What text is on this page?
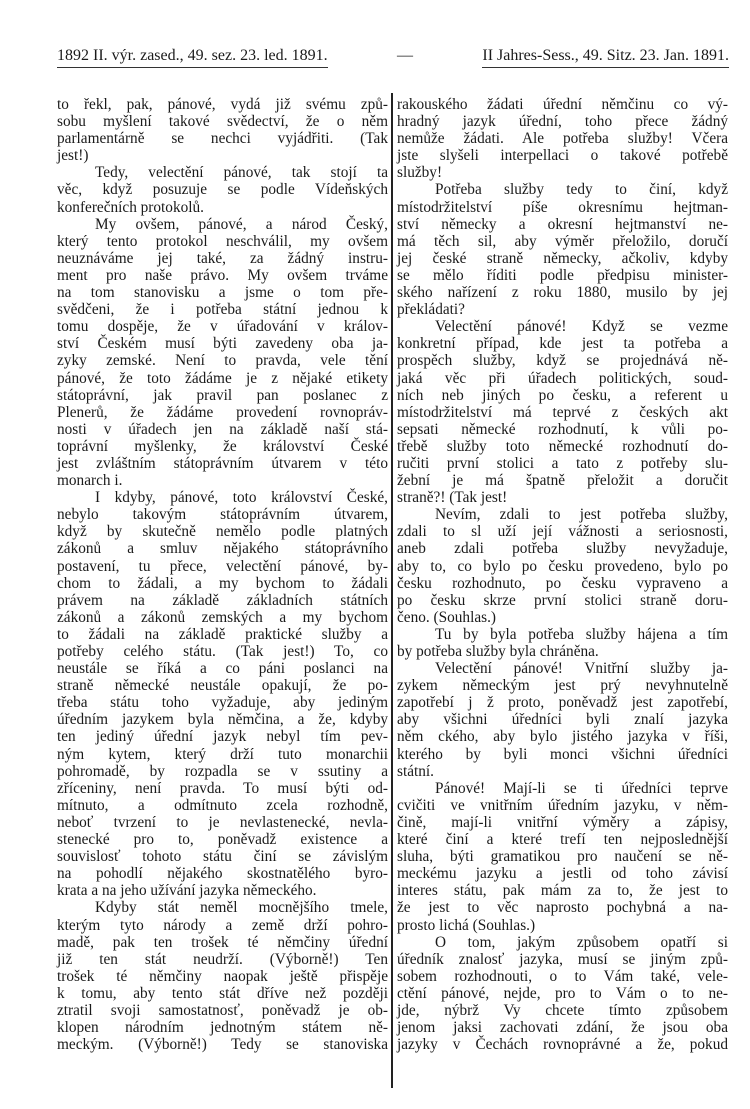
1892 II. výr. zased., 49. sez. 23. led. 1891.	—	II Jahres-Sess., 49. Sitz. 23. Jan. 1891.
to řekl, pak, pánové, vydá již svému způ-
sobu myšlení takové svědectví, že o něm
parlamentárně se nechci vyjádřiti. (Tak
jest!)
Tedy, velectění pánové, tak stojí ta
věc, když posuzuje se podle Vídeňských
konferečních protokolů.
My ovšem, pánové, a národ Český,
který tento protokol neschválil, my ovšem
neuznáváme jej také, za žádný instru-
ment pro naše právo. My ovšem trváme
na tom stanovisku a jsme o tom pře-
svědčeni, že i potřeba státní jednou k
tomu dospěje, že v úřadování v králov-
ství Českém musí býti zavedeny oba ja-
zyky zemské. Není to pravda, vele tění
pánové, že toto žádáme je z nějaké etikety
státoprávní, jak pravil pan poslanec z
Plenerů, že žádáme provedení rovnopráv-
nosti v úřadech jen na základě naší stá-
toprávní myšlenky, že království České
jest zvláštním státoprávním útvarem v této
monarch i.
I kdyby, pánové, toto království České,
nebylo takovým státoprávním útvarem,
když by skutečně nemělo podle platných
zákonů a smluv nějakého státoprávního
postavení, tu přece, velectění pánové, by-
chom to žádali, a my bychom to žádali
právem na základě základních státních
zákonů a zákonů zemských a my bychom
to žádali na základě praktické služby a
potřeby celého státu. (Tak jest!) To, co
neustále se říká a co páni poslanci na
straně německé neustále opakují, že po-
třeba státu toho vyžaduje, aby jediným
úředním jazykem byla němčina, a že, kdyby
ten jediný úřední jazyk nebyl tím pev-
ným kytem, který drží tuto monarchii
pohromadě, by rozpadla se v ssutiny a
zříceniny, není pravda. To musí býti od-
mítnuto, a odmítnuto zcela rozhodně,
neboť tvrzení to je nevlastenecké, nevla-
stenecké pro to, poněvadž existence a
souvislosť tohoto státu činí se závislým
na pohodlí nějakého skostnatělého byro-
krata a na jeho užívání jazyka německého.
Kdyby stát neměl mocnějšího tmele,
kterým tyto národy a země drží pohro-
madě, pak ten trošek té němčiny úřední
již ten stát neudrží. (Výborně!) Ten
trošek té němčiny naopak ještě přispěje
k tomu, aby tento stát dříve než později
ztratil svoji samostatnosť, poněvadž je ob-
klopen národním jednotným státem ně-
meckým. (Výborně!) Tedy se stanoviska
rakouského žádati úřední němčinu co vý-
hradný jazyk úřední, toho přece žádný
nemůže žádati. Ale potřeba služby! Včera
jste slyšeli interpellaci o takové potřebě
služby!
Potřeba služby tedy to činí, když
místodržitelství píše okresnímu hejtman-
ství německy a okresní hejtmanství ne-
má těch sil, aby výměr přeložilo, doručí
jej české straně německy, ačkoliv, kdyby
se mělo říditi podle předpisu minister-
ského nařízení z roku 1880, musilo by jej
překládati?
Velectění pánové! Když se vezme
konkretní případ, kde jest ta potřeba a
prospěch služby, když se projednává ně-
jaká věc při úřadech politických, soud-
ních neb jiných po česku, a referent u
místodržitelství má teprvé z českých akt
sepsati německé rozhodnutí, k vůli po-
třebě služby toto německé rozhodnutí do-
ručiti první stolici a tato z potřeby slu-
žební je má špatně přeložit a doručit
straně?! (Tak jest!
Nevím, zdali to jest potřeba služby,
zdali to sl uží její vážnosti a seriosnosti,
aneb zdali potřeba služby nevyžaduje,
aby to, co bylo po česku provedeno, bylo po
česku rozhodnuto, po česku vypraveno a
po česku skrze první stolici straně doru-
čeno. (Souhlas.)
Tu by byla potřeba služby hájena a tím
by potřeba služby byla chráněna.
Velectění pánové! Vnitřní služby ja-
zykem německým jest prý nevyhnutelně
zapotřebí j ž proto, poněvadž jest zapotřebí,
aby všichni úředníci byli znalí jazyka
něm ckého, aby bylo jistého jazyka v říši,
kterého by byli monci všichni úředníci
státní.
Pánové! Mají-li se ti úředníci teprve
cvičiti ve vnitřním úředním jazyku, v něm-
čině, mají-li vnitřní výměry a zápisy,
které činí a které trefí ten nejposlednější
sluha, býti gramatikou pro naučení se ně-
meckému jazyku a jestli od toho závisí
interes státu, pak mám za to, že jest to
že jest to věc naprosto pochybná a na-
prosto lichá (Souhlas.)
O tom, jakým způsobem opatří si
úředník znalosť jazyka, musí se jiným způ-
sobem rozhodnouti, o to Vám také, vele-
ctění pánové, nejde, pro to Vám o to ne-
jde, nýbrž Vy chcete tímto způsobem
jenom jaksi zachovati zdání, že jsou oba
jazyky v Čechách rovnoprávné a že, pokud
